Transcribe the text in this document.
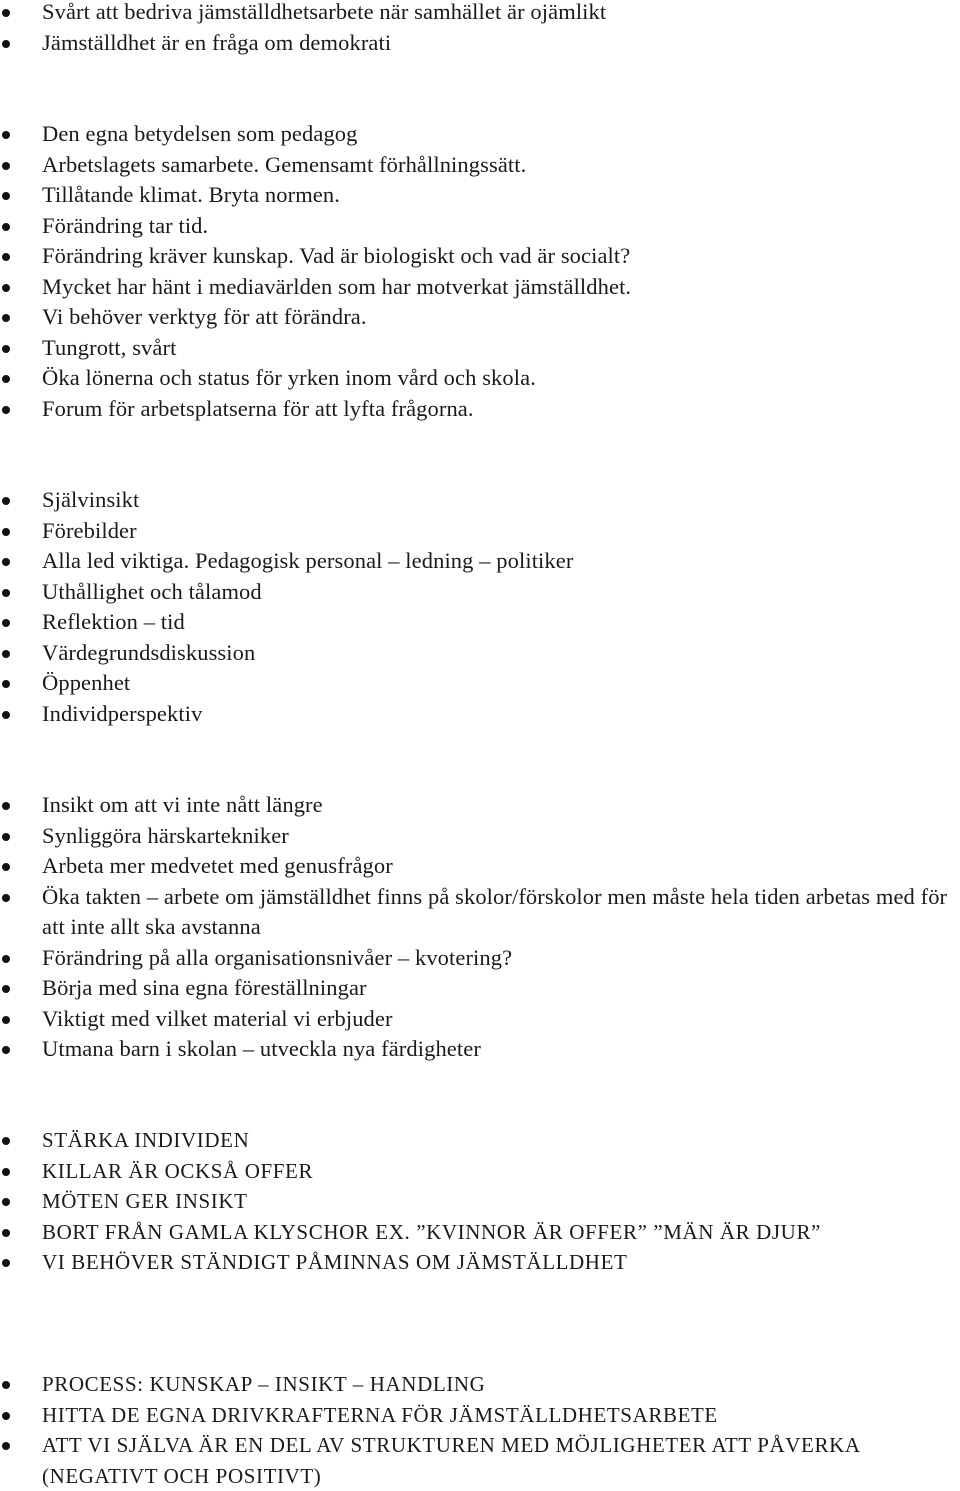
Svårt att bedriva jämställdhetsarbete när samhället är ojämlikt
Jämställdhet är en fråga om demokrati
Den egna betydelsen som pedagog
Arbetslagets samarbete. Gemensamt förhållningssätt.
Tillåtande klimat. Bryta normen.
Förändring tar tid.
Förändring kräver kunskap. Vad är biologiskt och vad är socialt?
Mycket har hänt i mediavärlden som har motverkat jämställdhet.
Vi behöver verktyg för att förändra.
Tungrott, svårt
Öka lönerna och status för yrken inom vård och skola.
Forum för arbetsplatserna för att lyfta frågorna.
Självinsikt
Förebilder
Alla led viktiga. Pedagogisk personal – ledning – politiker
Uthållighet och tålamod
Reflektion – tid
Värdegrundsdiskussion
Öppenhet
Individperspektiv
Insikt om att vi inte nått längre
Synliggöra härskartekniker
Arbeta mer medvetet med genusfrågor
Öka takten – arbete om jämställdhet finns på skolor/förskolor men måste hela tiden arbetas med för att inte allt ska avstanna
Förändring på alla organisationsnivåer – kvotering?
Börja med sina egna föreställningar
Viktigt med vilket material vi erbjuder
Utmana barn i skolan – utveckla nya färdigheter
STÄRKA INDIVIDEN
KILLAR ÄR OCKSÅ OFFER
MÖTEN GER INSIKT
BORT FRÅN GAMLA KLYSCHOR EX. ”KVINNOR ÄR OFFER” ”MÄN ÄR DJUR”
VI BEHÖVER STÄNDIGT PÅMINNAS OM JÄMSTÄLLDHET
PROCESS: KUNSKAP – INSIKT – HANDLING
HITTA DE EGNA DRIVKRAFTERNA FÖR JÄMSTÄLLDHETSARBETE
ATT VI SJÄLVA ÄR EN DEL AV STRUKTUREN MED MÖJLIGHETER ATT PÅVERKA (NEGATIVT OCH POSITIVT)
